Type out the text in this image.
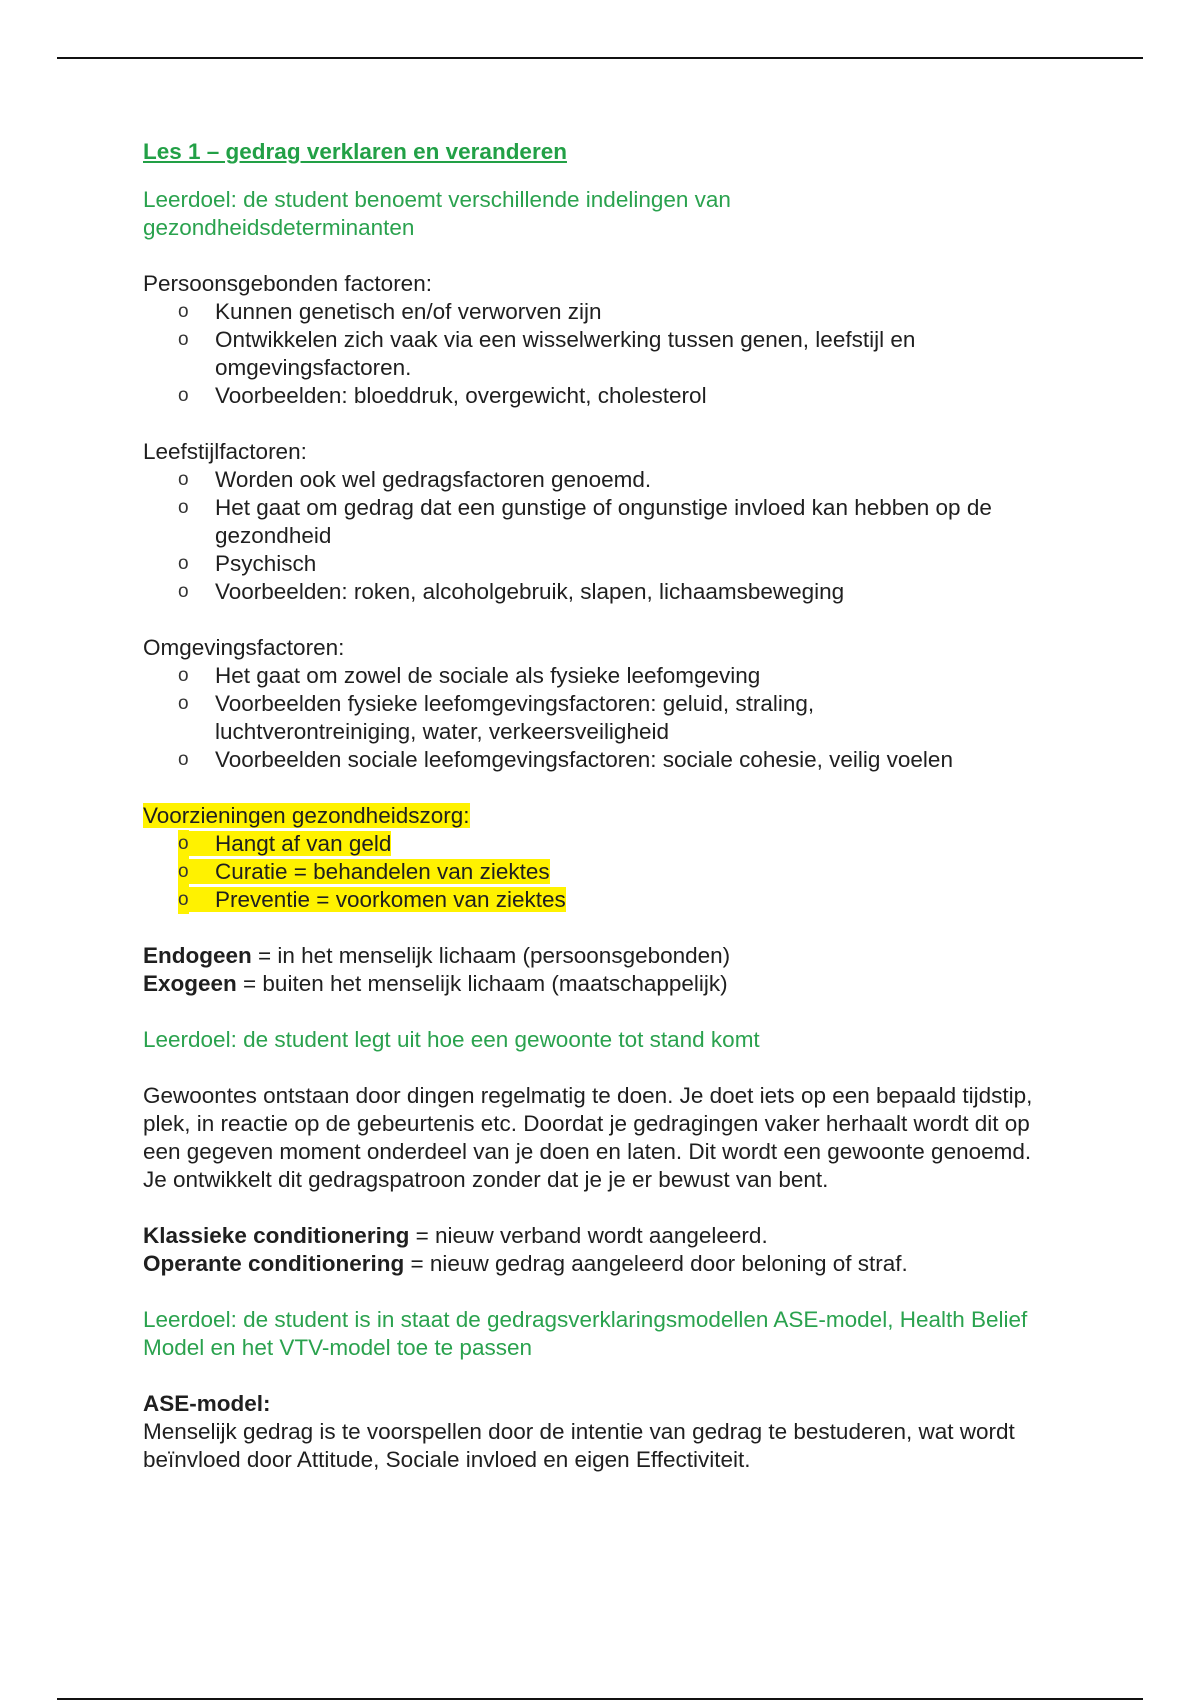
Les 1 – gedrag verklaren en veranderen
Leerdoel: de student benoemt verschillende indelingen van gezondheidsdeterminanten
Persoonsgebonden factoren:
o Kunnen genetisch en/of verworven zijn
o Ontwikkelen zich vaak via een wisselwerking tussen genen, leefstijl en omgevingsfactoren.
o Voorbeelden: bloeddruk, overgewicht, cholesterol
Leefstijlfactoren:
o Worden ook wel gedragsfactoren genoemd.
o Het gaat om gedrag dat een gunstige of ongunstige invloed kan hebben op de gezondheid
o Psychisch
o Voorbeelden: roken, alcoholgebruik, slapen, lichaamsbeweging
Omgevingsfactoren:
o Het gaat om zowel de sociale als fysieke leefomgeving
o Voorbeelden fysieke leefomgevingsfactoren: geluid, straling, luchtverontreiniging, water, verkeersveiligheid
o Voorbeelden sociale leefomgevingsfactoren: sociale cohesie, veilig voelen
Voorzieningen gezondheidszorg:
o Hangt af van geld
o Curatie = behandelen van ziektes
o Preventie = voorkomen van ziektes
Endogeen = in het menselijk lichaam (persoonsgebonden)
Exogeen = buiten het menselijk lichaam (maatschappelijk)
Leerdoel: de student legt uit hoe een gewoonte tot stand komt

Gewoontes ontstaan door dingen regelmatig te doen. Je doet iets op een bepaald tijdstip, plek, in reactie op de gebeurtenis etc. Doordat je gedragingen vaker herhaalt wordt dit op een gegeven moment onderdeel van je doen en laten. Dit wordt een gewoonte genoemd. Je ontwikkelt dit gedragspatroon zonder dat je je er bewust van bent.

Klassieke conditionering = nieuw verband wordt aangeleerd.
Operante conditionering = nieuw gedrag aangeleerd door beloning of straf.
Leerdoel: de student is in staat de gedragsverklaringsmodellen ASE-model, Health Belief Model en het VTV-model toe te passen
ASE-model:
Menselijk gedrag is te voorspellen door de intentie van gedrag te bestuderen, wat wordt beïnvloed door Attitude, Sociale invloed en eigen Effectiviteit.
